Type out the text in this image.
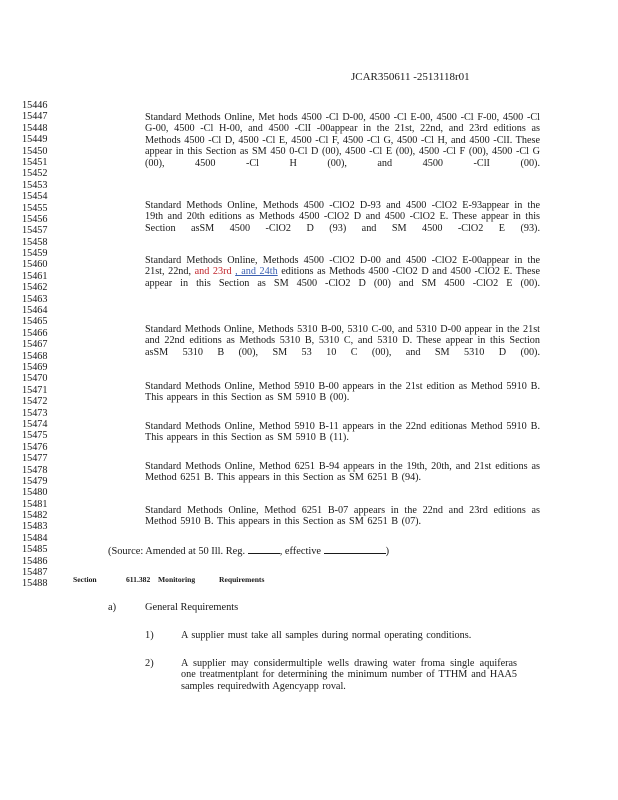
JCAR350611 -2513118r01
15446
15447
15448
15449
15450
15451
15452
15453
15454
15455
15456
15457
15458
15459
15460
15461
15462
15463
15464
15465
15466
15467
15468
15469
15470
15471
15472
15473
15474
15475
15476
15477
15478
15479
15480
15481
15482
15483
15484
15485
15486
15487
15488
Standard Methods Online, Met hods 4500 -Cl D-00, 4500 -Cl E-00, 4500 -Cl F-00, 4500 -Cl G-00, 4500 -Cl H-00, and 4500 -ClI -00appear in the 21st, 22nd, and 23rd editions as Methods 4500 -Cl D, 4500 -Cl E, 4500 -Cl F, 4500 -Cl G, 4500 -Cl H, and 4500 -ClI. These appear in this Section as SM 450 0-Cl D (00), 4500 -Cl E (00), 4500 -Cl F (00), 4500 -Cl G (00), 4500 -Cl H (00), and 4500 -ClI (00).
Standard Methods Online, Methods 4500 -ClO2 D-93 and 4500 -ClO2 E-93appear in the 19th and 20th editions as Methods 4500 -ClO2 D and 4500 -ClO2 E. These appear in this Section asSM 4500 -ClO2 D (93) and SM 4500 -ClO2 E (93).
Standard Methods Online, Methods 4500 -ClO2 D-00 and 4500 -ClO2 E-00appear in the 21st, 22nd, and 23rd , and 24th editions as Methods 4500 -ClO2 D and 4500 -ClO2 E. These appear in this Section as SM 4500 -ClO2 D (00) and SM 4500 -ClO2 E (00).
Standard Methods Online, Methods 5310 B-00, 5310 C-00, and 5310 D-00 appear in the 21st and 22nd editions as Methods 5310 B, 5310 C, and 5310 D. These appear in this Section asSM 5310 B (00), SM 53 10 C (00), and SM 5310 D (00).
Standard Methods Online, Method 5910 B-00 appears in the 21st edition as Method 5910 B. This appears in this Section as SM 5910 B (00).
Standard Methods Online, Method 5910 B-11 appears in the 22nd editionas Method 5910 B. This appears in this Section as SM 5910 B (11).
Standard Methods Online, Method 6251 B-94 appears in the 19th, 20th, and 21st editions as Method 6251 B. This appears in this Section as SM 6251 B (94).
Standard Methods Online, Method 6251 B-07 appears in the 22nd and 23rd editions as Method 5910 B. This appears in this Section as SM 6251 B (07).
(Source: Amended at 50 Ill. Reg.	, effective	)
Section	611.382 Monitoring	Requirements
a)	General Requirements
1)	A supplier must take all samples during normal operating conditions.
2)	A supplier may considermultiple wells drawing water froma single aquiferas one treatmentplant for determining the minimum number of TTHM and HAA5 samples requiredwith Agencyapp roval.
